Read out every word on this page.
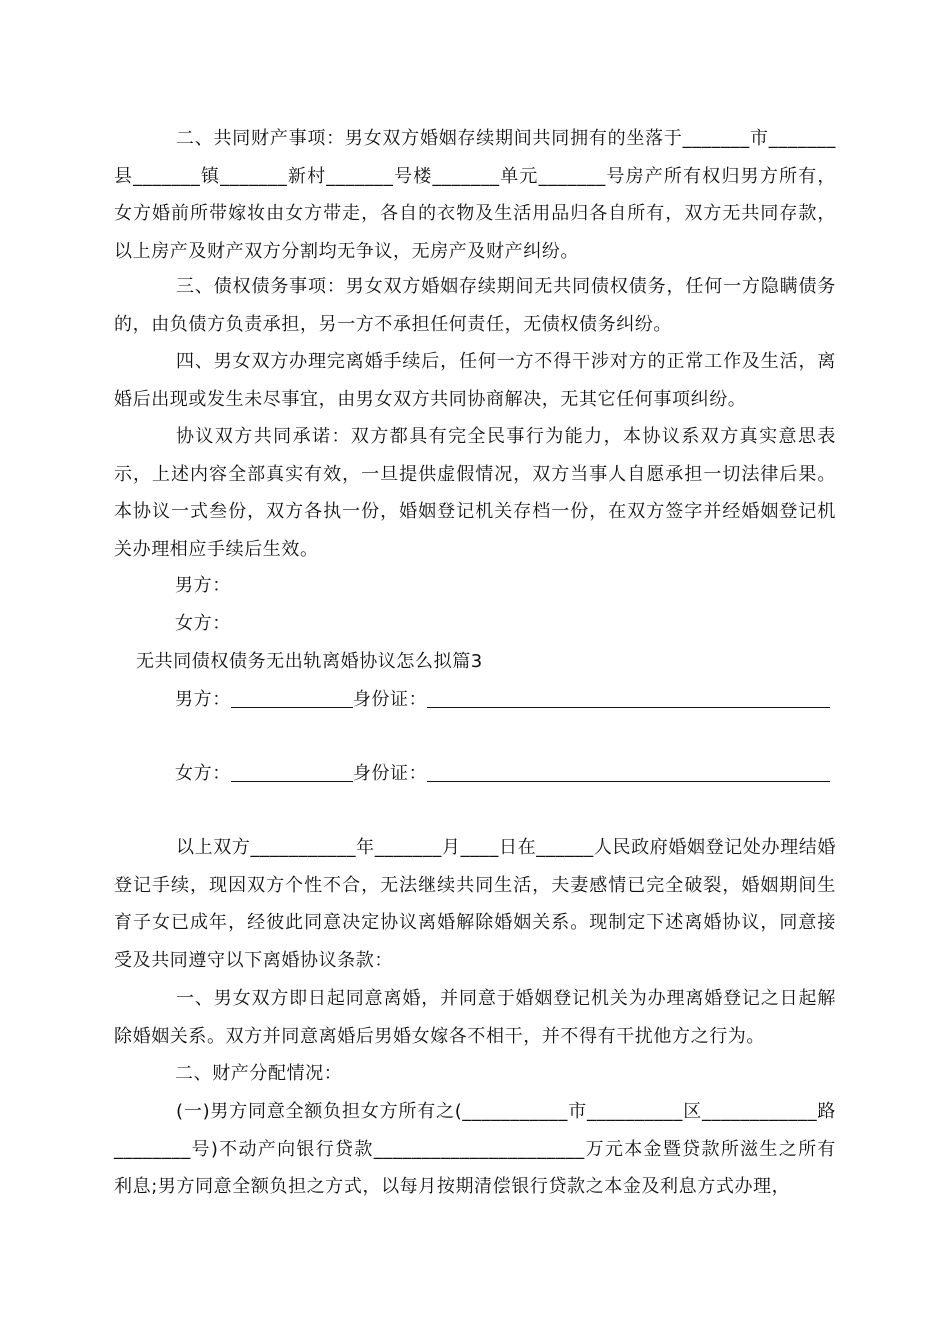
二、共同财产事项：男女双方婚姻存续期间共同拥有的坐落于_______市_______县_______镇_______新村_______号楼_______单元_______号房产所有权归男方所有，女方婚前所带嫁妆由女方带走，各自的衣物及生活用品归各自所有，双方无共同存款，以上房产及财产双方分割均无争议，无房产及财产纠纷。

三、债权债务事项：男女双方婚姻存续期间无共同债权债务，任何一方隐瞒债务的，由负债方负责承担，另一方不承担任何责任，无债权债务纠纷。

四、男女双方办理完离婚手续后，任何一方不得干涉对方的正常工作及生活，离婚后出现或发生未尽事宜，由男女双方共同协商解决，无其它任何事项纠纷。

协议双方共同承诺：双方都具有完全民事行为能力，本协议系双方真实意思表示，上述内容全部真实有效，一旦提供虚假情况，双方当事人自愿承担一切法律后果。本协议一式叁份，双方各执一份，婚姻登记机关存档一份，在双方签字并经婚姻登记机关办理相应手续后生效。

男方：
女方：
无共同债权债务无出轨离婚协议怎么拟篇3
男方：	身份证：
女方：	身份证：

以上双方___________年_______月____日在______人民政府婚姻登记处办理结婚登记手续，现因双方个性不合，无法继续共同生活，夫妻感情已完全破裂，婚姻期间生育子女已成年，经彼此同意决定协议离婚解除婚姻关系。现制定下述离婚协议，同意接受及共同遵守以下离婚协议条款：

一、男女双方即日起同意离婚，并同意于婚姻登记机关为办理离婚登记之日起解除婚姻关系。双方并同意离婚后男婚女嫁各不相干，并不得有干扰他方之行为。

二、财产分配情况：

(一)男方同意全额负担女方所有之(___________市__________区____________路________号)不动产向银行贷款______________________万元本金暨贷款所滋生之所有利息;男方同意全额负担之方式，以每月按期清偿银行贷款之本金及利息方式办理，
